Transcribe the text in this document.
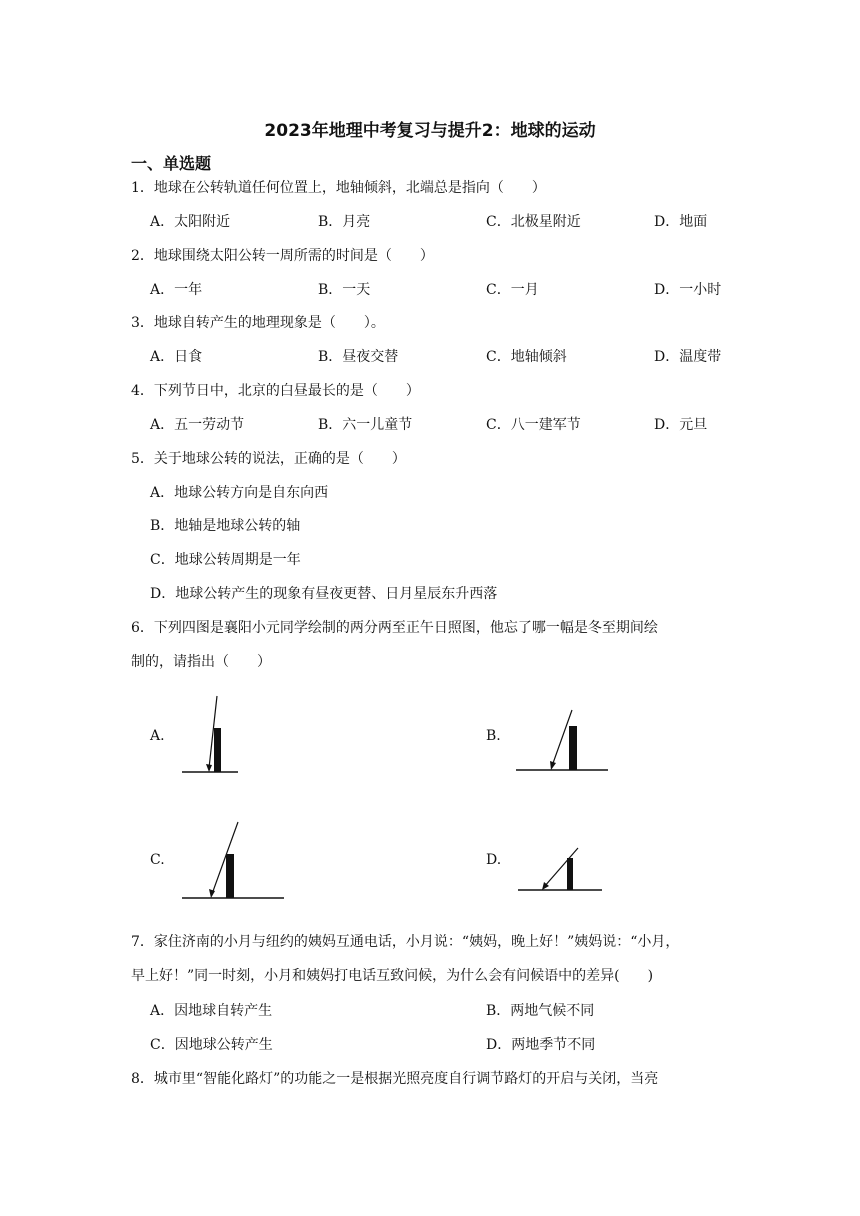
2023年地理中考复习与提升2：地球的运动
一、单选题
1．地球在公转轨道任何位置上，地轴倾斜，北端总是指向（　　）
A．太阳附近	B．月亮	C．北极星附近	D．地面
2．地球围绕太阳公转一周所需的时间是（　　）
A．一年	B．一天	C．一月	D．一小时
3．地球自转产生的地理现象是（　　）。
A．日食	B．昼夜交替	C．地轴倾斜	D．温度带
4．下列节日中，北京的白昼最长的是（　　）
A．五一劳动节	B．六一儿童节	C．八一建军节	D．元旦
5．关于地球公转的说法，正确的是（　　）
A．地球公转方向是自东向西
B．地轴是地球公转的轴
C．地球公转周期是一年
D．地球公转产生的现象有昼夜更替、日月星辰东升西落
6．下列四图是襄阳小元同学绘制的两分两至正午日照图，他忘了哪一幅是冬至期间绘
制的，请指出（　　）
A.	B.
C.	D.
7．家住济南的小月与纽约的姨妈互通电话，小月说：“姨妈，晚上好！”姨妈说：“小月，
早上好！”同一时刻，小月和姨妈打电话互致问候，为什么会有问候语中的差异(　　)
A．因地球自转产生	B．两地气候不同
C．因地球公转产生	D．两地季节不同
8．城市里“智能化路灯”的功能之一是根据光照亮度自行调节路灯的开启与关闭，当亮
